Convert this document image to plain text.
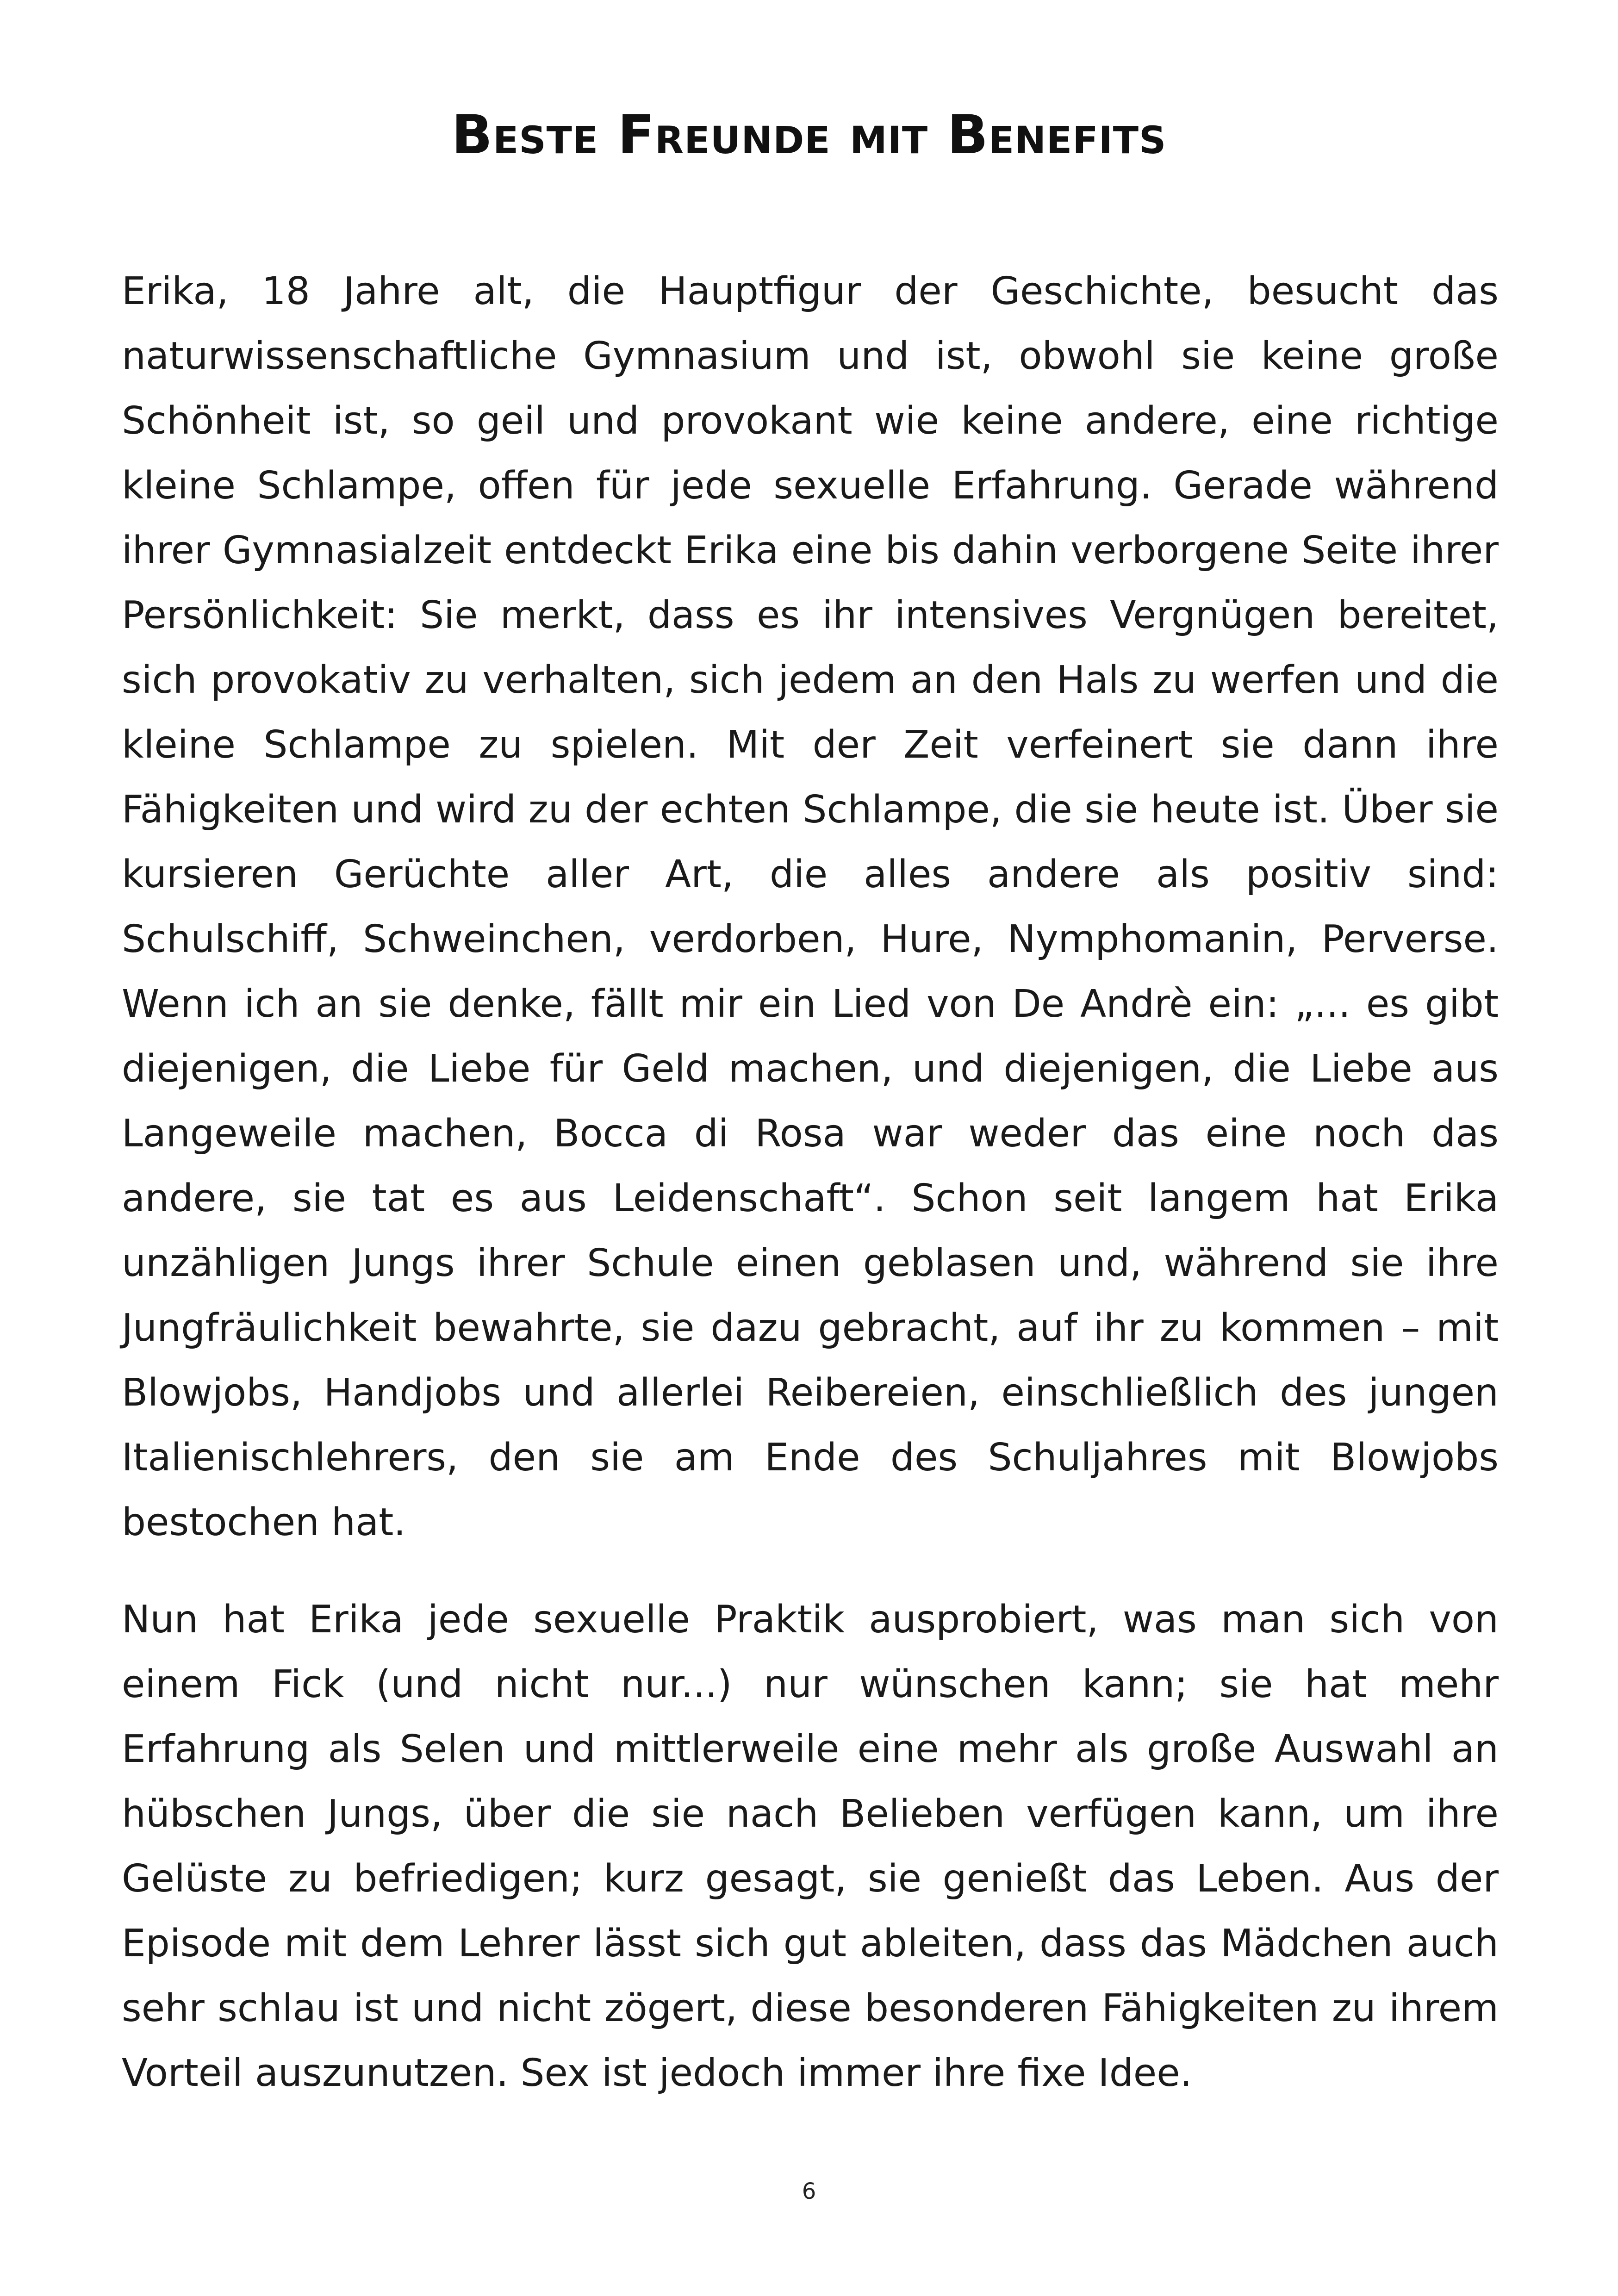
Beste Freunde mit Benefits

Erika, 18 Jahre alt, die Hauptfigur der Geschichte, besucht das naturwissenschaftliche Gymnasium und ist, obwohl sie keine große Schönheit ist, so geil und provokant wie keine andere, eine richtige kleine Schlampe, offen für jede sexuelle Erfahrung. Gerade während ihrer Gymnasialzeit entdeckt Erika eine bis dahin verborgene Seite ihrer Persönlichkeit: Sie merkt, dass es ihr intensives Vergnügen bereitet, sich provokativ zu verhalten, sich jedem an den Hals zu werfen und die kleine Schlampe zu spielen. Mit der Zeit verfeinert sie dann ihre Fähigkeiten und wird zu der echten Schlampe, die sie heute ist. Über sie kursieren Gerüchte aller Art, die alles andere als positiv sind: Schulschiff, Schweinchen, verdorben, Hure, Nymphomanin, Perverse. Wenn ich an sie denke, fällt mir ein Lied von De Andrè ein: „... es gibt diejenigen, die Liebe für Geld machen, und diejenigen, die Liebe aus Langeweile machen, Bocca di Rosa war weder das eine noch das andere, sie tat es aus Leidenschaft“. Schon seit langem hat Erika unzähligen Jungs ihrer Schule einen geblasen und, während sie ihre Jungfräulichkeit bewahrte, sie dazu gebracht, auf ihr zu kommen – mit Blowjobs, Handjobs und allerlei Reibereien, einschließlich des jungen Italienischlehrers, den sie am Ende des Schuljahres mit Blowjobs bestochen hat.

Nun hat Erika jede sexuelle Praktik ausprobiert, was man sich von einem Fick (und nicht nur...) nur wünschen kann; sie hat mehr Erfahrung als Selen und mittlerweile eine mehr als große Auswahl an hübschen Jungs, über die sie nach Belieben verfügen kann, um ihre Gelüste zu befriedigen; kurz gesagt, sie genießt das Leben. Aus der Episode mit dem Lehrer lässt sich gut ableiten, dass das Mädchen auch sehr schlau ist und nicht zögert, diese besonderen Fähigkeiten zu ihrem Vorteil auszunutzen. Sex ist jedoch immer ihre fixe Idee.

6
